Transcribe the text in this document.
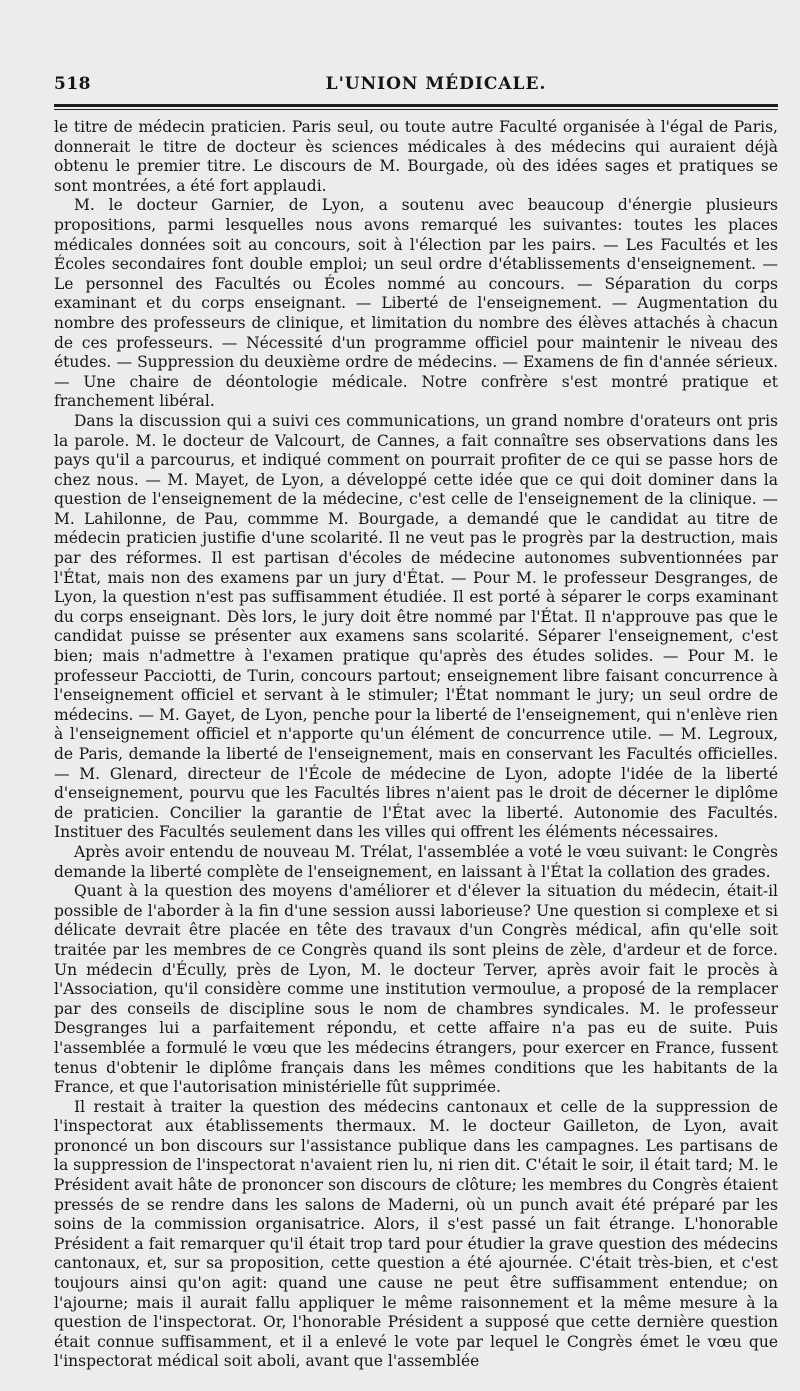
518	L'UNION MÉDICALE.

le titre de médecin praticien. Paris seul, ou toute autre Faculté organisée à l'égal de Paris, donnerait le titre de docteur ès sciences médicales à des médecins qui auraient déjà obtenu le premier titre. Le discours de M. Bourgade, où des idées sages et pratiques se sont montrées, a été fort applaudi.

M. le docteur Garnier, de Lyon, a soutenu avec beaucoup d'énergie plusieurs propositions, parmi lesquelles nous avons remarqué les suivantes: toutes les places médicales données soit au concours, soit à l'élection par les pairs. — Les Facultés et les Écoles secondaires font double emploi; un seul ordre d'établissements d'enseignement. — Le personnel des Facultés ou Écoles nommé au concours. — Séparation du corps examinant et du corps enseignant. — Liberté de l'enseignement. — Augmentation du nombre des professeurs de clinique, et limitation du nombre des élèves attachés à chacun de ces professeurs. — Nécessité d'un programme officiel pour maintenir le niveau des études. — Suppression du deuxième ordre de médecins. — Examens de fin d'année sérieux. — Une chaire de déontologie médicale. Notre confrère s'est montré pratique et franchement libéral.

Dans la discussion qui a suivi ces communications, un grand nombre d'orateurs ont pris la parole. M. le docteur de Valcourt, de Cannes, a fait connaître ses observations dans les pays qu'il a parcourus, et indiqué comment on pourrait profiter de ce qui se passe hors de chez nous. — M. Mayet, de Lyon, a développé cette idée que ce qui doit dominer dans la question de l'enseignement de la médecine, c'est celle de l'enseignement de la clinique. — M. Lahilonne, de Pau, commme M. Bourgade, a demandé que le candidat au titre de médecin praticien justifie d'une scolarité. Il ne veut pas le progrès par la destruction, mais par des réformes. Il est partisan d'écoles de médecine autonomes subventionnées par l'État, mais non des examens par un jury d'État. — Pour M. le professeur Desgranges, de Lyon, la question n'est pas suffisamment étudiée. Il est porté à séparer le corps examinant du corps enseignant. Dès lors, le jury doit être nommé par l'État. Il n'approuve pas que le candidat puisse se présenter aux examens sans scolarité. Séparer l'enseignement, c'est bien; mais n'admettre à l'examen pratique qu'après des études solides. — Pour M. le professeur Pacciotti, de Turin, concours partout; enseignement libre faisant concurrence à l'enseignement officiel et servant à le stimuler; l'État nommant le jury; un seul ordre de médecins. — M. Gayet, de Lyon, penche pour la liberté de l'enseignement, qui n'enlève rien à l'enseignement officiel et n'apporte qu'un élément de concurrence utile. — M. Legroux, de Paris, demande la liberté de l'enseignement, mais en conservant les Facultés officielles. — M. Glenard, directeur de l'École de médecine de Lyon, adopte l'idée de la liberté d'enseignement, pourvu que les Facultés libres n'aient pas le droit de décerner le diplôme de praticien. Concilier la garantie de l'État avec la liberté. Autonomie des Facultés. Instituer des Facultés seulement dans les villes qui offrent les éléments nécessaires.

Après avoir entendu de nouveau M. Trélat, l'assemblée a voté le vœu suivant: le Congrès demande la liberté complète de l'enseignement, en laissant à l'État la collation des grades.

Quant à la question des moyens d'améliorer et d'élever la situation du médecin, était-il possible de l'aborder à la fin d'une session aussi laborieuse? Une question si complexe et si délicate devrait être placée en tête des travaux d'un Congrès médical, afin qu'elle soit traitée par les membres de ce Congrès quand ils sont pleins de zèle, d'ardeur et de force. Un médecin d'Écully, près de Lyon, M. le docteur Terver, après avoir fait le procès à l'Association, qu'il considère comme une institution vermoulue, a proposé de la remplacer par des conseils de discipline sous le nom de chambres syndicales. M. le professeur Desgranges lui a parfaitement répondu, et cette affaire n'a pas eu de suite. Puis l'assemblée a formulé le vœu que les médecins étrangers, pour exercer en France, fussent tenus d'obtenir le diplôme français dans les mêmes conditions que les habitants de la France, et que l'autorisation ministérielle fût supprimée.

Il restait à traiter la question des médecins cantonaux et celle de la suppression de l'inspectorat aux établissements thermaux. M. le docteur Gailleton, de Lyon, avait prononcé un bon discours sur l'assistance publique dans les campagnes. Les partisans de la suppression de l'inspectorat n'avaient rien lu, ni rien dit. C'était le soir, il était tard; M. le Président avait hâte de prononcer son discours de clôture; les membres du Congrès étaient pressés de se rendre dans les salons de Maderni, où un punch avait été préparé par les soins de la commission organisatrice. Alors, il s'est passé un fait étrange. L'honorable Président a fait remarquer qu'il était trop tard pour étudier la grave question des médecins cantonaux, et, sur sa proposition, cette question a été ajournée. C'était très-bien, et c'est toujours ainsi qu'on agit: quand une cause ne peut être suffisamment entendue; on l'ajourne; mais il aurait fallu appliquer le même raisonnement et la même mesure à la question de l'inspectorat. Or, l'honorable Président a supposé que cette dernière question était connue suffisamment, et il a enlevé le vote par lequel le Congrès émet le vœu que l'inspectorat médical soit aboli, avant que l'assemblée
